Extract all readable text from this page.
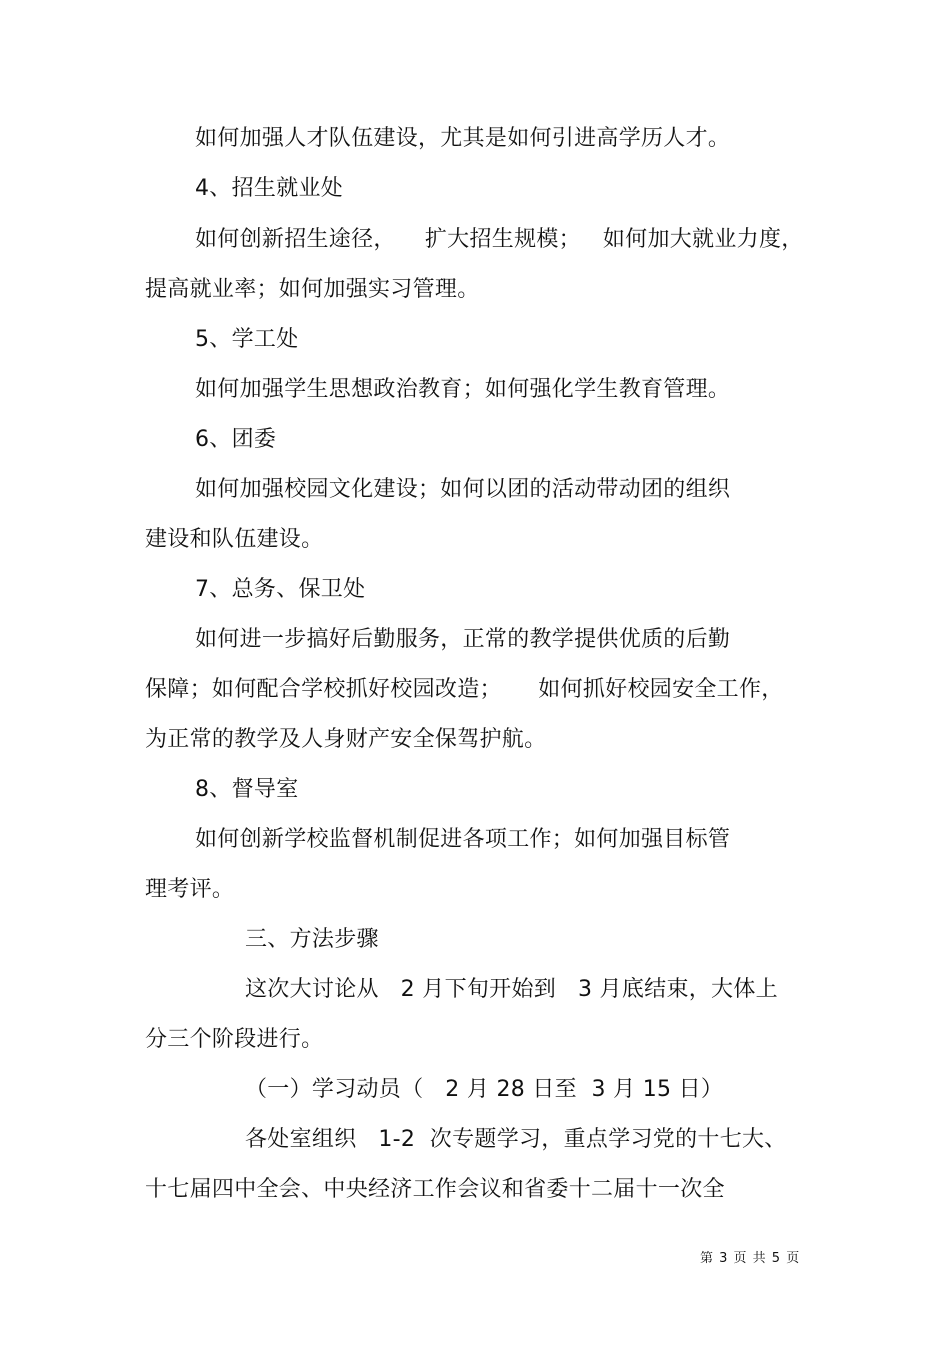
如何加强人才队伍建设，尤其是如何引进高学历人才。

4、招生就业处

如何创新招生途径，    扩大招生规模；   如何加大就业力度，

提高就业率；如何加强实习管理。

5、学工处

如何加强学生思想政治教育；如何强化学生教育管理。

6、团委

如何加强校园文化建设；如何以团的活动带动团的组织

建设和队伍建设。

7、总务、保卫处

如何进一步搞好后勤服务，正常的教学提供优质的后勤

保障；如何配合学校抓好校园改造；     如何抓好校园安全工作，

为正常的教学及人身财产安全保驾护航。

8、督导室

如何创新学校监督机制促进各项工作；如何加强目标管

理考评。

三、方法步骤

这次大讨论从   2 月下旬开始到   3 月底结束，大体上

分三个阶段进行。

（一）学习动员（   2 月 28 日至  3 月 15 日）

各处室组织   1-2  次专题学习，重点学习党的十七大、

十七届四中全会、中央经济工作会议和省委十二届十一次全

第 3 页 共 5 页
